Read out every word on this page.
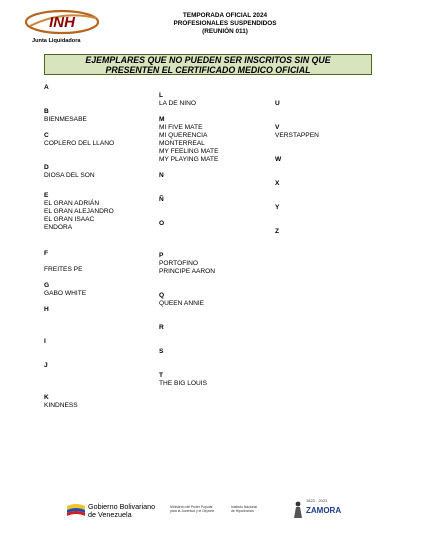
INH
Junta Liquidadora
TEMPORADA OFICIAL 2024
PROFESIONALES SUSPENDIDOS
(REUNIÓN 011)
EJEMPLARES QUE NO PUEDEN SER INSCRITOS SIN QUE
PRESENTEN EL CERTIFICADO MEDICO OFICIAL
A
B
BIENMESABE
C
COPLERO DEL LLANO
D
DIOSA DEL SON
E
EL GRAN ADRIÁN
EL GRAN ALEJANDRO
EL GRAN ISAAC
ENDORA
F
FREITES PE
G
GABO WHITE
H
I
J
K
KINDNESS
L
LA DE NINO
M
MI FIVE MATE
MI QUERENCIA
MONTERREAL
MY FEELING MATE
MY PLAYING MATE
N
Ñ
O
P
PORTOFINO
PRINCIPE AARON
Q
QUEEN ANNIE
R
S
T
THE BIG LOUIS
U
V
VERSTAPPEN
W
X
Y
Z
Gobierno Bolivariano
de Venezuela
Ministerio del Poder Popular
para la Juventud y el Deporte
Instituto Nacional
de Hipódromos
1823 - 2023
ZAMORA
